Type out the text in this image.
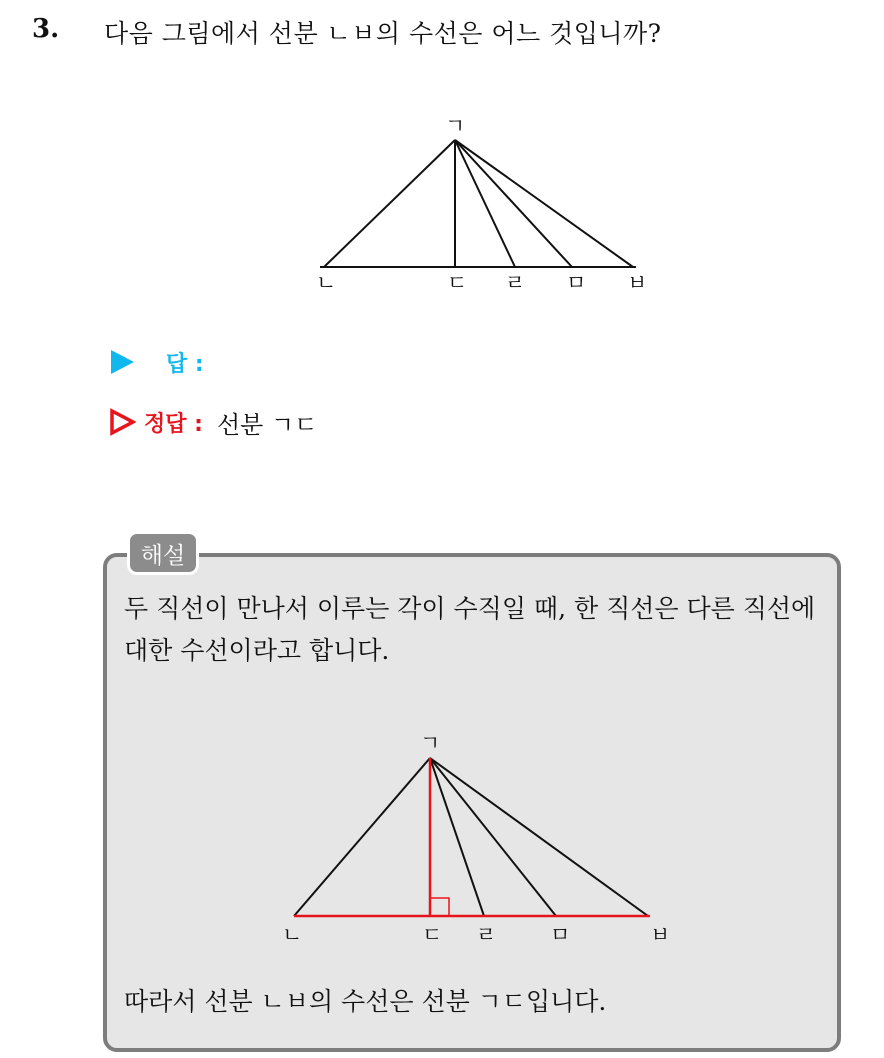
3. 다음 그림에서 선분 ㄴㅂ의 수선은 어느 것입니까?
ㄱ
ㄴ	ㄷ ㄹ ㅁ ㅂ
답 :
정답 : 선분 ㄱㄷ
해설
두 직선이 만나서 이루는 각이 수직일 때, 한 직선은 다른 직선에 대한 수선이라고 합니다.
ㄱ
ㄴ	ㄷ ㄹ	ㅁ	ㅂ
따라서 선분 ㄴㅂ의 수선은 선분 ㄱㄷ입니다.
